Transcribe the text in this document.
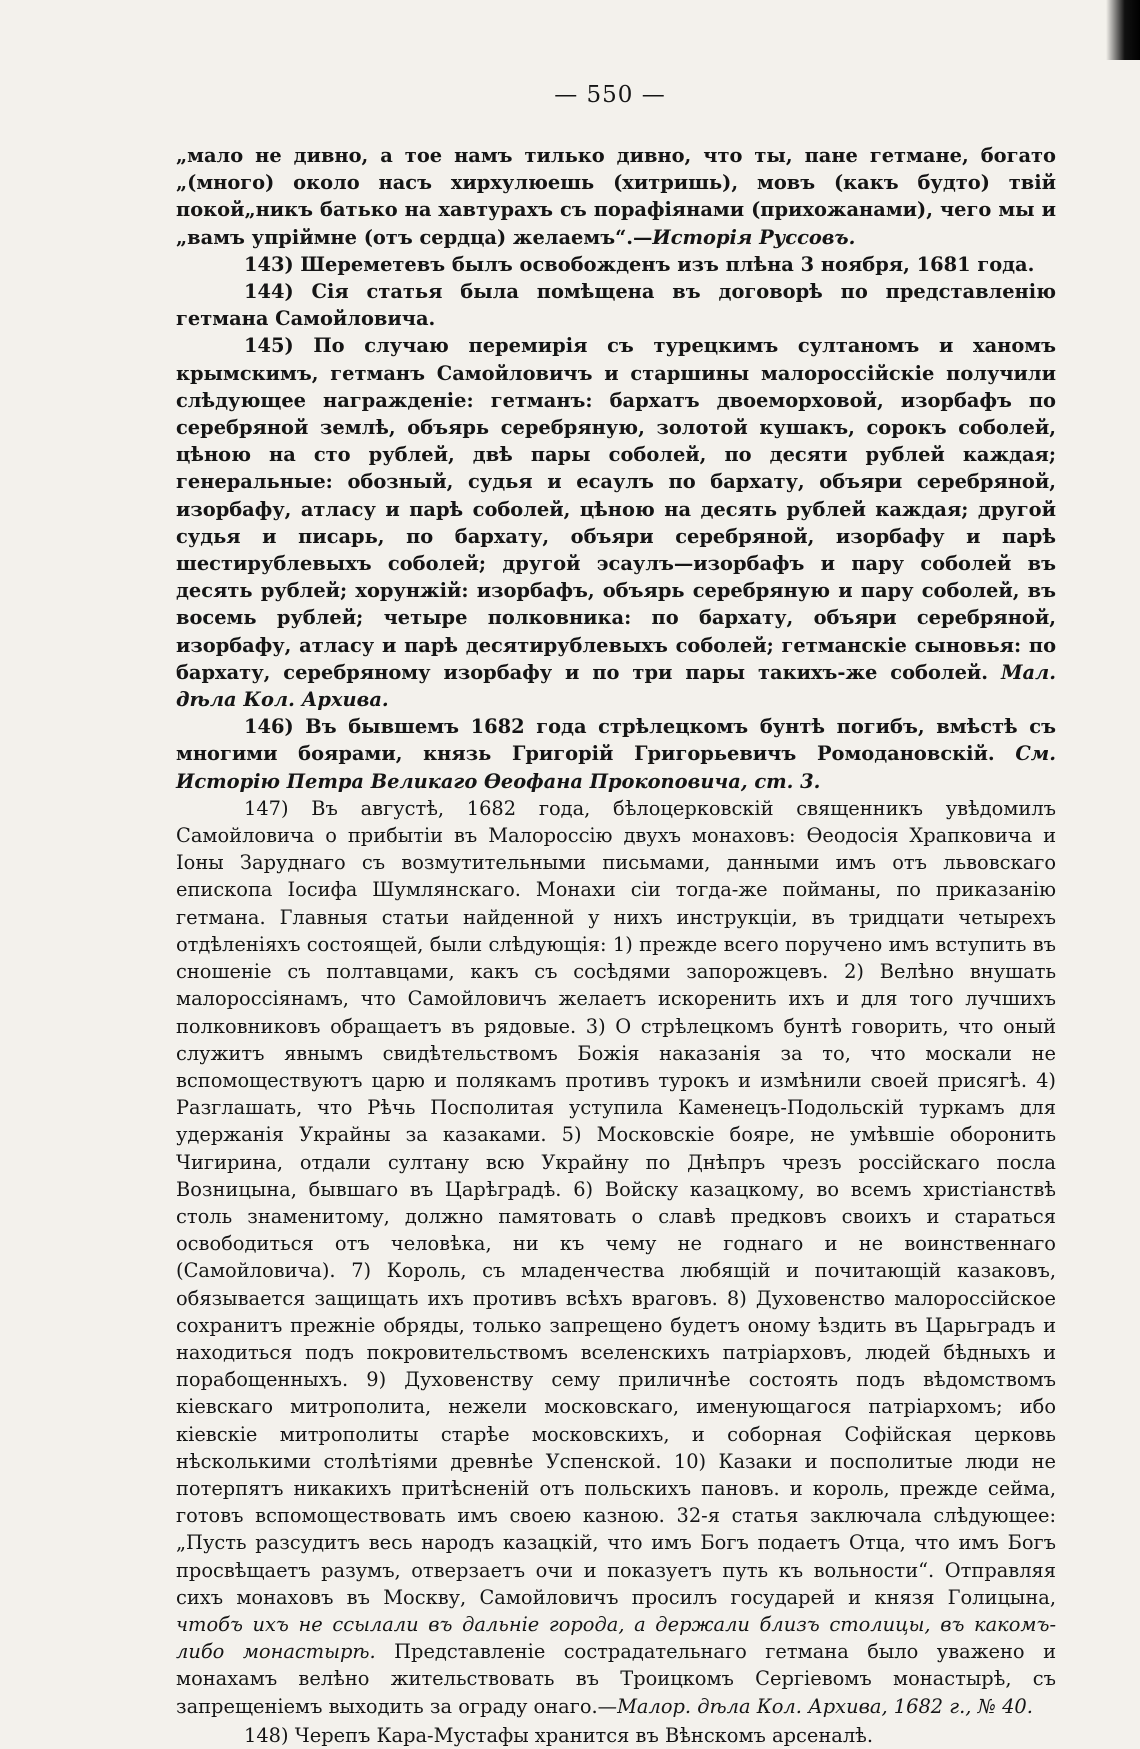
— 550 —

„мало не дивно, а тое намъ тилько дивно, что ты, пане гетмане, богато „(много) около насъ хирхулюешь (хитришь), мовъ (какъ будто) твій покой„никъ батько на хавтурахъ съ порафіянами (прихожанами), чего мы и „вамъ упріймне (отъ сердца) желаемъ“.—Исторія Руссовъ.

143) Шереметевъ былъ освобожденъ изъ плѣна 3 ноября, 1681 года.

144) Сія статья была помѣщена въ договорѣ по представленію гетмана Самойловича.

145) По случаю перемирія съ турецкимъ султаномъ и ханомъ крымскимъ, гетманъ Самойловичъ и старшины малороссійскіе получили слѣдующее награжденіе: гетманъ: бархатъ двоеморховой, изорбафъ по серебряной землѣ, объярь серебряную, золотой кушакъ, сорокъ соболей, цѣною на сто рублей, двѣ пары соболей, по десяти рублей каждая; генеральные: обозный, судья и есаулъ по бархату, объяри серебряной, изорбафу, атласу и парѣ соболей, цѣною на десять рублей каждая; другой судья и писарь, по бархату, объяри серебряной, изорбафу и парѣ шестирублевыхъ соболей; другой эсаулъ—изорбафъ и пару соболей въ десять рублей; хорунжій: изорбафъ, объярь серебряную и пару соболей, въ восемь рублей; четыре полковника: по бархату, объяри серебряной, изорбафу, атласу и парѣ десятирублевыхъ соболей; гетманскіе сыновья: по бархату, серебряному изорбафу и по три пары такихъ-же соболей. Мал. дѣла Кол. Архива.

146) Въ бывшемъ 1682 года стрѣлецкомъ бунтѣ погибъ, вмѣстѣ съ многими боярами, князь Григорій Григорьевичъ Ромодановскій. См. Исторію Петра Великаго Ѳеофана Прокоповича, ст. 3.

147) Въ августѣ, 1682 года, бѣлоцерковскій священникъ увѣдомилъ Самойловича о прибытіи въ Малороссію двухъ монаховъ: Ѳеодосія Храпковича и Іоны Заруднаго съ возмутительными письмами, данными имъ отъ львовскаго епископа Іосифа Шумлянскаго. Монахи сіи тогда-же пойманы, по приказанію гетмана. Главныя статьи найденной у нихъ инструкціи, въ тридцати четырехъ отдѣленіяхъ состоящей, были слѣдующія: 1) прежде всего поручено имъ вступить въ сношеніе съ полтавцами, какъ съ сосѣдями запорожцевъ. 2) Велѣно внушать малороссіянамъ, что Самойловичъ желаетъ искоренить ихъ и для того лучшихъ полковниковъ обращаетъ въ рядовые. 3) О стрѣлецкомъ бунтѣ говорить, что оный служитъ явнымъ свидѣтельствомъ Божія наказанія за то, что москали не вспомоществуютъ царю и полякамъ противъ турокъ и измѣнили своей присягѣ. 4) Разглашать, что Рѣчь Посполитая уступила Каменецъ-Подольскій туркамъ для удержанія Украйны за казаками. 5) Московскіе бояре, не умѣвшіе оборонить Чигирина, отдали султану всю Украйну по Днѣпръ чрезъ россійскаго посла Возницына, бывшаго въ Царѣградѣ. 6) Войску казацкому, во всемъ христіанствѣ столь знаменитому, должно памятовать о славѣ предковъ своихъ и стараться освободиться отъ человѣка, ни къ чему не годнаго и не воинственнаго (Самойловича). 7) Король, съ младенчества любящій и почитающій казаковъ, обязывается защищать ихъ противъ всѣхъ враговъ. 8) Духовенство малороссійское сохранитъ прежніе обряды, только запрещено будетъ оному ѣздить въ Царьградъ и находиться подъ покровительствомъ вселенскихъ патріарховъ, людей бѣдныхъ и порабощенныхъ. 9) Духовенству сему приличнѣе состоять подъ вѣдомствомъ кіевскаго митрополита, нежели московскаго, именующагося патріархомъ; ибо кіевскіе митрополиты старѣе московскихъ, и соборная Софійская церковь нѣсколькими столѣтіями древнѣе Успенской. 10) Казаки и посполитые люди не потерпятъ никакихъ притѣсненій отъ польскихъ пановъ. и король, прежде сейма, готовъ вспомоществовать имъ своею казною. 32-я статья заключала слѣдующее: „Пусть разсудитъ весь народъ казацкій, что имъ Богъ подаетъ Отца, что имъ Богъ просвѣщаетъ разумъ, отверзаетъ очи и показуетъ путь къ вольности“. Отправляя сихъ монаховъ въ Москву, Самойловичъ просилъ государей и князя Голицына, чтобъ ихъ не ссылали въ дальніе города, а держали близъ столицы, въ какомъ-либо монастырѣ. Представленіе сострадательнаго гетмана было уважено и монахамъ велѣно жительствовать въ Троицкомъ Сергіевомъ монастырѣ, съ запрещеніемъ выходить за ограду онаго.—Малор. дѣла Кол. Архива, 1682 г., № 40.

148) Черепъ Кара-Мустафы хранится въ Вѣнскомъ арсеналѣ.
